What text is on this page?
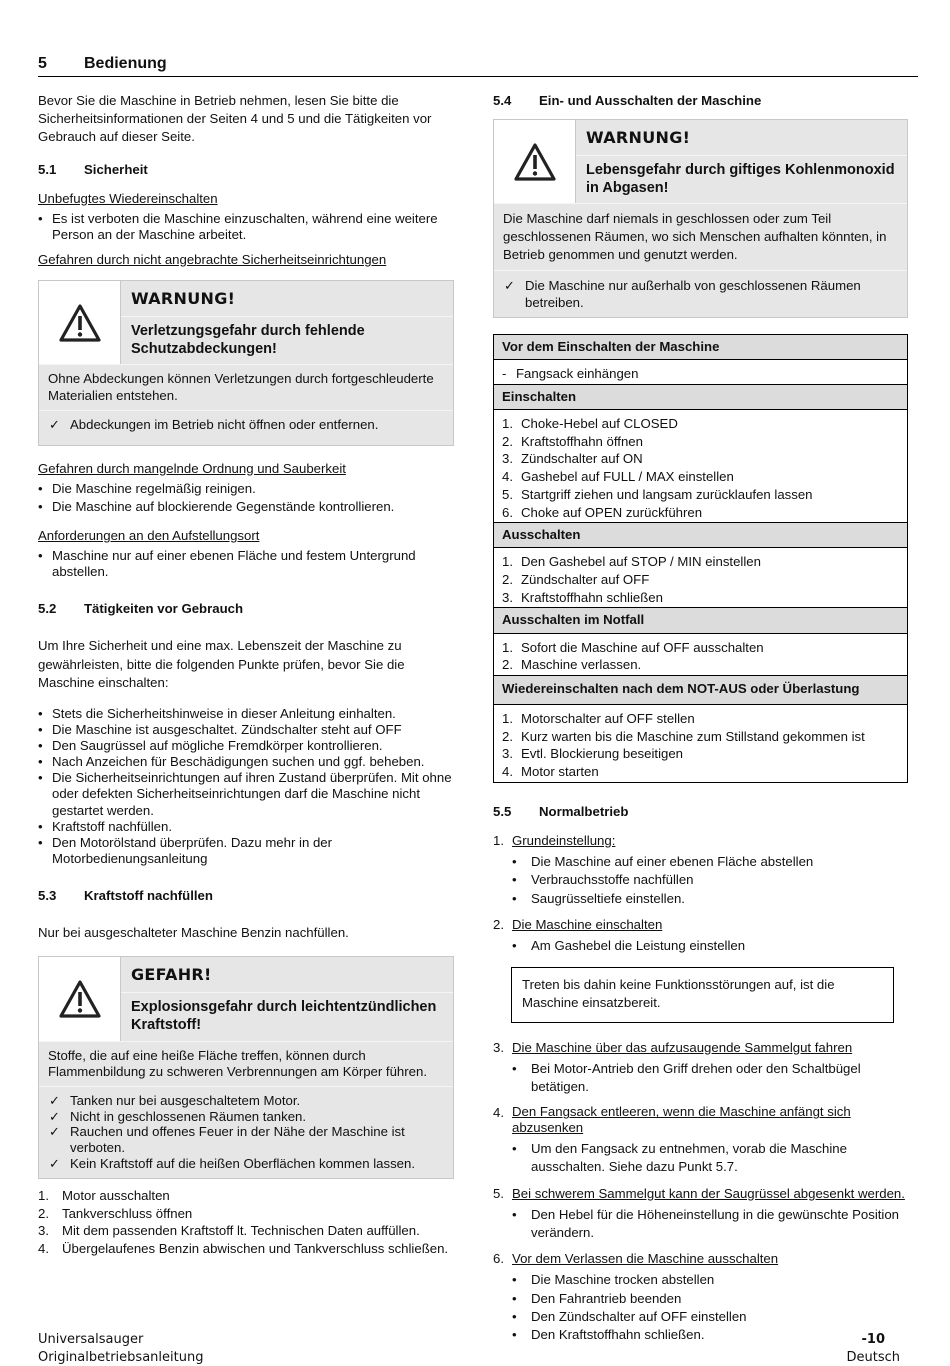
5 Bedienung

Bevor Sie die Maschine in Betrieb nehmen, lesen Sie bitte die Sicherheitsinformationen der Seiten 4 und 5 und die Tätigkeiten vor Gebrauch auf dieser Seite.

5.1	Sicherheit

Unbefugtes Wiedereinschalten

• Es ist verboten die Maschine einzuschalten, während eine weitere Person an der Maschine arbeitet.

Gefahren durch nicht angebrachte Sicherheitseinrichtungen

WARNUNG!
Verletzungsgefahr durch fehlende Schutzabdeckungen!
Ohne Abdeckungen können Verletzungen durch fortgeschleuderte Materialien entstehen.
✓ Abdeckungen im Betrieb nicht öffnen oder entfernen.

Gefahren durch mangelnde Ordnung und Sauberkeit

• Die Maschine regelmäßig reinigen.
• Die Maschine auf blockierende Gegenstände kontrollieren.

Anforderungen an den Aufstellungsort

• Maschine nur auf einer ebenen Fläche und festem Untergrund abstellen.
5.2	Tätigkeiten vor Gebrauch

Um Ihre Sicherheit und eine max. Lebenszeit der Maschine zu gewährleisten, bitte die folgenden Punkte prüfen, bevor Sie die Maschine einschalten:

• Stets die Sicherheitshinweise in dieser Anleitung einhalten.
• Die Maschine ist ausgeschaltet. Zündschalter steht auf OFF
• Den Saugrüssel auf mögliche Fremdkörper kontrollieren.
• Nach Anzeichen für Beschädigungen suchen und ggf. beheben.
• Die Sicherheitseinrichtungen auf ihren Zustand überprüfen. Mit ohne oder defekten Sicherheitseinrichtungen darf die Maschine nicht gestartet werden.
• Kraftstoff nachfüllen.
• Den Motorölstand überprüfen. Dazu mehr in der Motorbedienungsanleitung
5.3	Kraftstoff nachfüllen

Nur bei ausgeschalteter Maschine Benzin nachfüllen.

GEFAHR!
Explosionsgefahr durch leichtentzündlichen Kraftstoff!
Stoffe, die auf eine heiße Fläche treffen, können durch Flammenbildung zu schweren Verbrennungen am Körper führen.
✓ Tanken nur bei ausgeschaltetem Motor.
✓ Nicht in geschlossenen Räumen tanken.
✓ Rauchen und offenes Feuer in der Nähe der Maschine ist verboten.
✓ Kein Kraftstoff auf die heißen Oberflächen kommen lassen.
1. Motor ausschalten
2. Tankverschluss öffnen
3. Mit dem passenden Kraftstoff lt. Technischen Daten auffüllen.
4. Übergelaufenes Benzin abwischen und Tankverschluss schließen.
5.4	Ein- und Ausschalten der Maschine
WARNUNG!
Lebensgefahr durch giftiges Kohlenmonoxid in Abgasen!
Die Maschine darf niemals in geschlossen oder zum Teil geschlossenen Räumen, wo sich Menschen aufhalten könnten, in Betrieb genommen und genutzt werden.
✓ Die Maschine nur außerhalb von geschlossenen Räumen betreiben.
Vor dem Einschalten der Maschine

- Fangsack einhängen

Einschalten

1. Choke-Hebel auf CLOSED
2. Kraftstoffhahn öffnen
3. Zündschalter auf ON
4. Gashebel auf FULL / MAX einstellen
5. Startgriff ziehen und langsam zurücklaufen lassen
6. Choke auf OPEN zurückführen

Ausschalten

1. Den Gashebel auf STOP / MIN einstellen
2. Zündschalter auf OFF
3. Kraftstoffhahn schließen

Ausschalten im Notfall

1. Sofort die Maschine auf OFF ausschalten
2. Maschine verlassen.

Wiedereinschalten nach dem NOT-AUS oder Überlastung

1. Motorschalter auf OFF stellen
2. Kurz warten bis die Maschine zum Stillstand gekommen ist
3. Evtl. Blockierung beseitigen
4. Motor starten
5.5	Normalbetrieb
1. Grundeinstellung:
• Die Maschine auf einer ebenen Fläche abstellen
• Verbrauchsstoffe nachfüllen
• Saugrüsseltiefe einstellen.
2. Die Maschine einschalten
• Am Gashebel die Leistung einstellen
Treten bis dahin keine Funktionsstörungen auf, ist die Maschine einsatzbereit.
3. Die Maschine über das aufzusaugende Sammelgut fahren
• Bei Motor-Antrieb den Griff drehen oder den Schaltbügel betätigen.
4. Den Fangsack entleeren, wenn die Maschine anfängt sich abzusenken
• Um den Fangsack zu entnehmen, vorab die Maschine ausschalten. Siehe dazu Punkt 5.7.
5. Bei schwerem Sammelgut kann der Saugrüssel abgesenkt werden.
• Den Hebel für die Höheneinstellung in die gewünschte Position verändern.
6. Vor dem Verlassen die Maschine ausschalten
• Die Maschine trocken abstellen
• Den Fahrantrieb beenden
• Den Zündschalter auf OFF einstellen
• Den Kraftstoffhahn schließen.
Universalsauger
Originalbetriebsanleitung
-10
Deutsch
